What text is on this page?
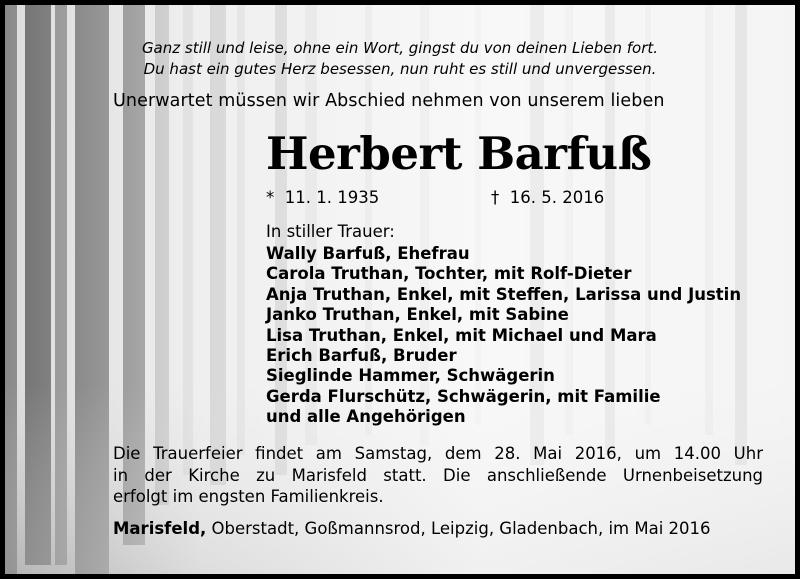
Ganz still und leise, ohne ein Wort, gingst du von deinen Lieben fort.
Du hast ein gutes Herz besessen, nun ruht es still und unvergessen.
Unerwartet müssen wir Abschied nehmen von unserem lieben
Herbert Barfuß
* 11. 1. 1935	† 16. 5. 2016
In stiller Trauer:
Wally Barfuß, Ehefrau
Carola Truthan, Tochter, mit Rolf-Dieter
Anja Truthan, Enkel, mit Steffen, Larissa und Justin
Janko Truthan, Enkel, mit Sabine
Lisa Truthan, Enkel, mit Michael und Mara
Erich Barfuß, Bruder
Sieglinde Hammer, Schwägerin
Gerda Flurschütz, Schwägerin, mit Familie
und alle Angehörigen
Die Trauerfeier findet am Samstag, dem 28. Mai 2016, um 14.00 Uhr
in der Kirche zu Marisfeld statt. Die anschließende Urnenbeisetzung
erfolgt im engsten Familienkreis.
Marisfeld, Oberstadt, Goßmannsrod, Leipzig, Gladenbach, im Mai 2016
